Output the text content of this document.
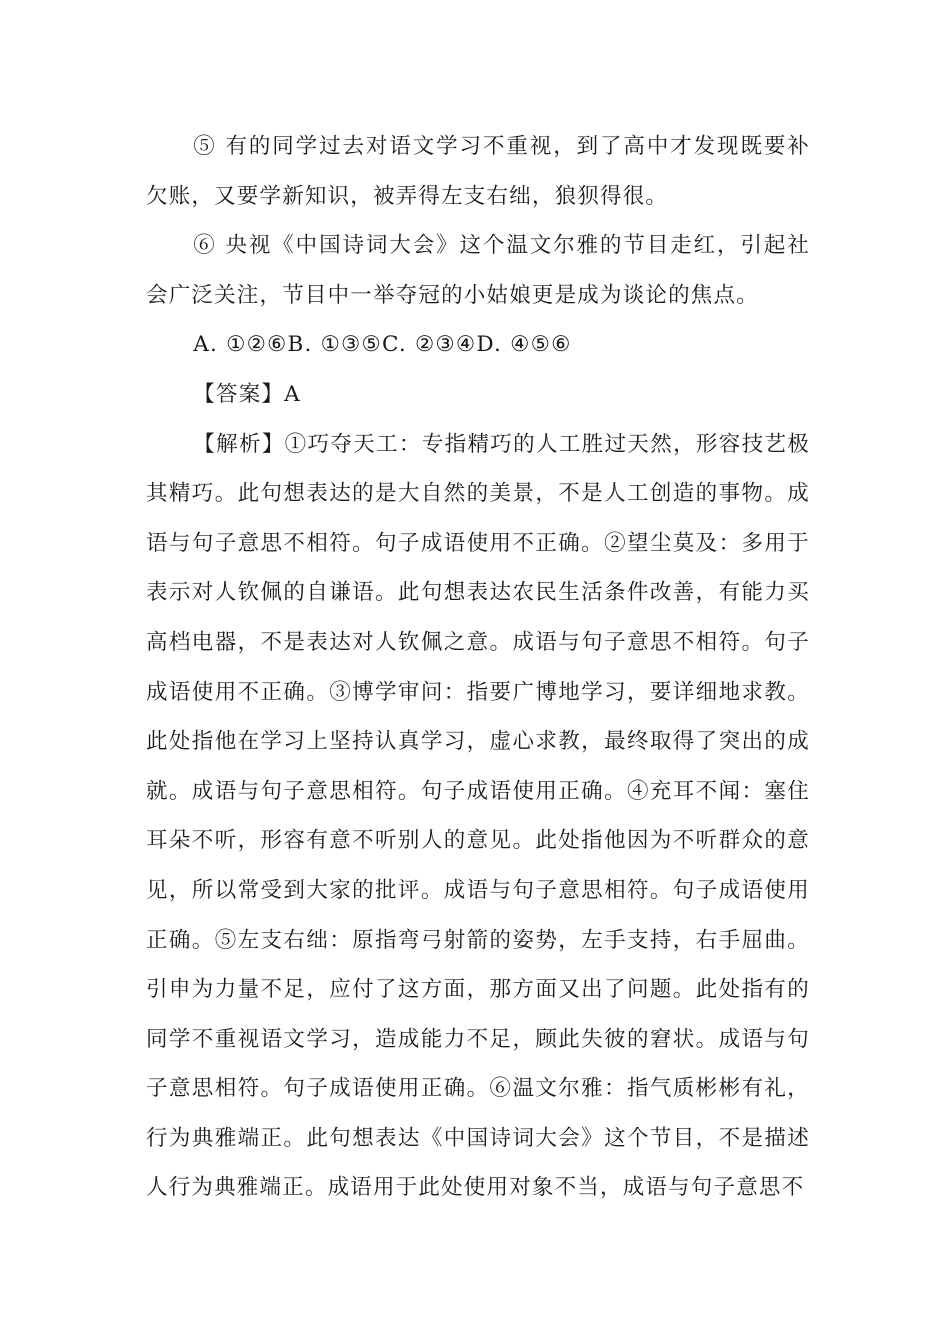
⑤ 有的同学过去对语文学习不重视，到了高中才发现既要补欠账，又要学新知识，被弄得左支右绌，狼狈得很。

⑥ 央视《中国诗词大会》这个温文尔雅的节目走红，引起社会广泛关注，节目中一举夺冠的小姑娘更是成为谈论的焦点。

A. ①②⑥B. ①③⑤C. ②③④D. ④⑤⑥

【答案】A

【解析】①巧夺天工：专指精巧的人工胜过天然，形容技艺极其精巧。此句想表达的是大自然的美景，不是人工创造的事物。成语与句子意思不相符。句子成语使用不正确。②望尘莫及：多用于表示对人钦佩的自谦语。此句想表达农民生活条件改善，有能力买高档电器，不是表达对人钦佩之意。成语与句子意思不相符。句子成语使用不正确。③博学审问：指要广博地学习，要详细地求教。此处指他在学习上坚持认真学习，虚心求教，最终取得了突出的成就。成语与句子意思相符。句子成语使用正确。④充耳不闻：塞住耳朵不听，形容有意不听别人的意见。此处指他因为不听群众的意见，所以常受到大家的批评。成语与句子意思相符。句子成语使用正确。⑤左支右绌：原指弯弓射箭的姿势，左手支持，右手屈曲。引申为力量不足，应付了这方面，那方面又出了问题。此处指有的同学不重视语文学习，造成能力不足，顾此失彼的窘状。成语与句子意思相符。句子成语使用正确。⑥温文尔雅：指气质彬彬有礼，行为典雅端正。此句想表达《中国诗词大会》这个节目，不是描述人行为典雅端正。成语用于此处使用对象不当，成语与句子意思不
